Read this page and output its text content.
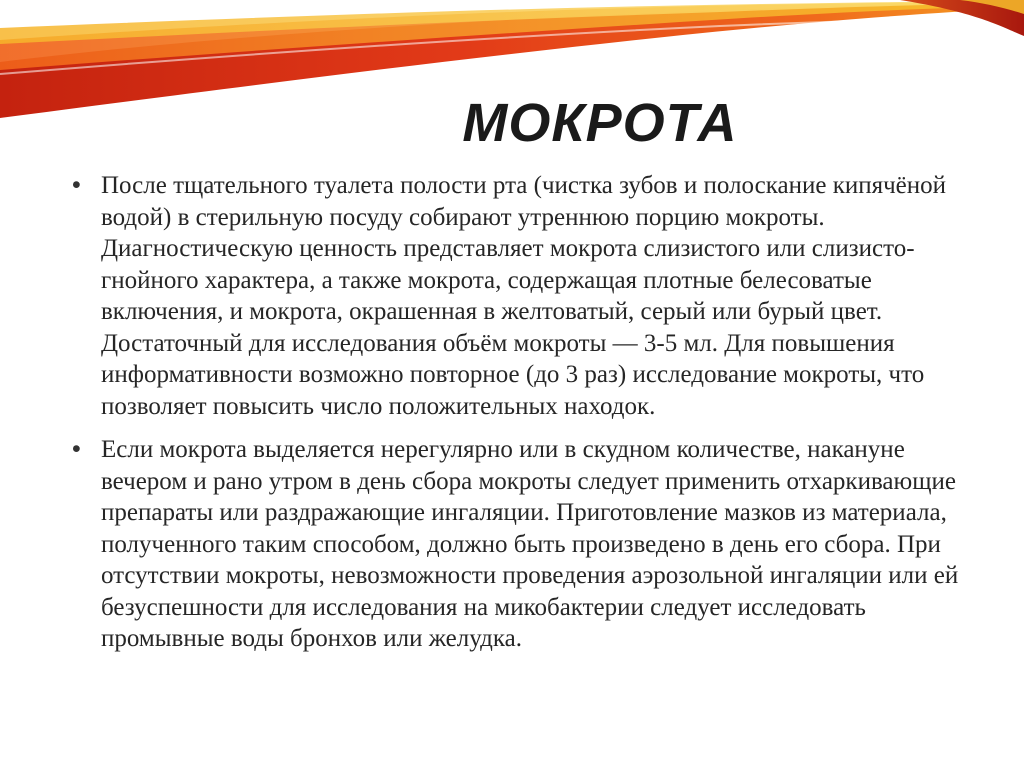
МОКРОТА
• После тщательного туалета полости рта (чистка зубов и полоскание кипячёной водой) в стерильную посуду собирают утреннюю порцию мокроты. Диагностическую ценность представляет мокрота слизистого или слизисто-гнойного характера, а также мокрота, содержащая плотные белесоватые включения, и мокрота, окрашенная в желтоватый, серый или бурый цвет. Достаточный для исследования объём мокроты — 3-5 мл. Для повышения информативности возможно повторное (до 3 раз) исследование мокроты, что позволяет повысить число положительных находок.
• Если мокрота выделяется нерегулярно или в скудном количестве, накануне вечером и рано утром в день сбора мокроты следует применить отхаркивающие препараты или раздражающие ингаляции. Приготовление мазков из материала, полученного таким способом, должно быть произведено в день его сбора. При отсутствии мокроты, невозможности проведения аэрозольной ингаляции или ей безуспешности для исследования на микобактерии следует исследовать промывные воды бронхов или желудка.
